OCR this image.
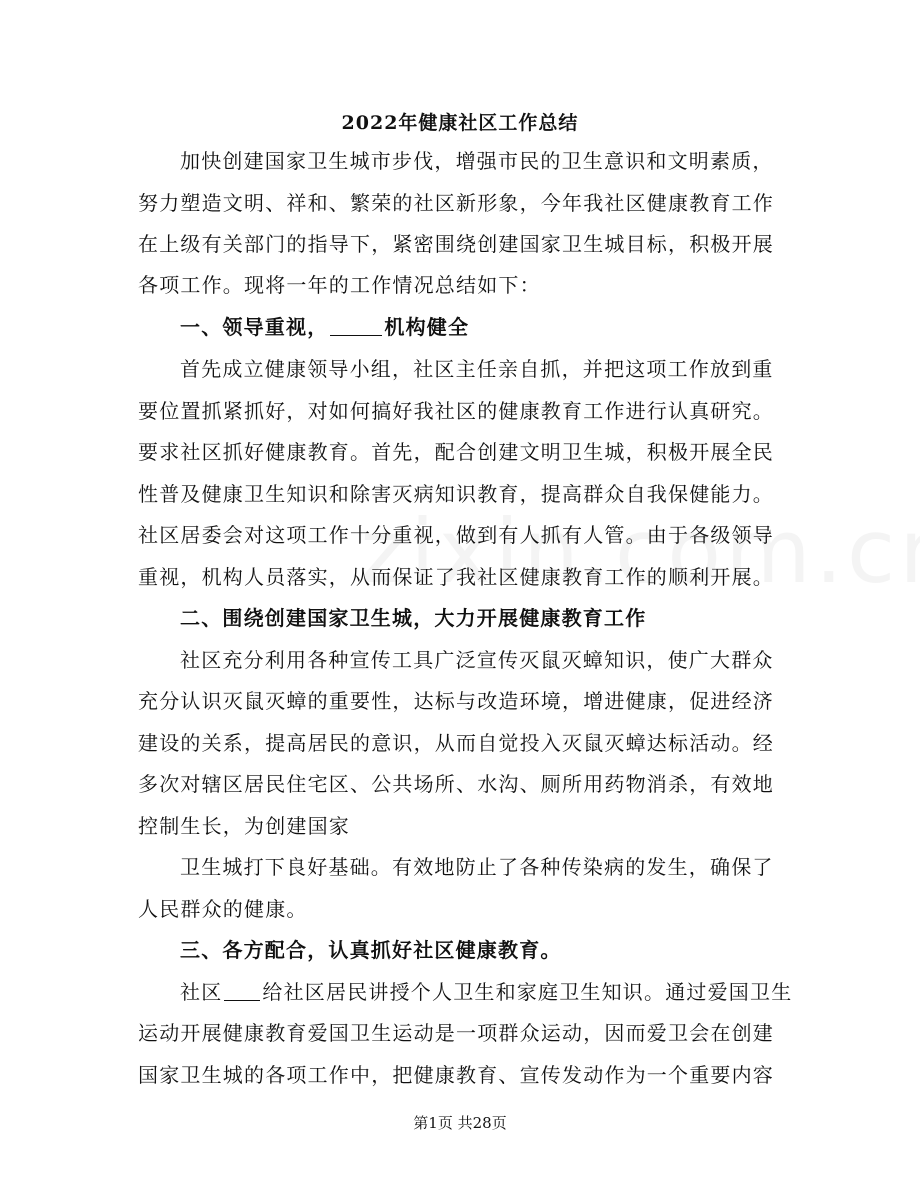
2022年健康社区工作总结
加快创建国家卫生城市步伐，增强市民的卫生意识和文明素质，
努力塑造文明、祥和、繁荣的社区新形象，今年我社区健康教育工作
在上级有关部门的指导下，紧密围绕创建国家卫生城目标，积极开展
各项工作。现将一年的工作情况总结如下：
一、领导重视，	机构健全
首先成立健康领导小组，社区主任亲自抓，并把这项工作放到重
要位置抓紧抓好，对如何搞好我社区的健康教育工作进行认真研究。
要求社区抓好健康教育。首先，配合创建文明卫生城，积极开展全民
性普及健康卫生知识和除害灭病知识教育，提高群众自我保健能力。
社区居委会对这项工作十分重视，做到有人抓有人管。由于各级领导
重视，机构人员落实，从而保证了我社区健康教育工作的顺利开展。
二、围绕创建国家卫生城，大力开展健康教育工作
社区充分利用各种宣传工具广泛宣传灭鼠灭蟑知识，使广大群众
充分认识灭鼠灭蟑的重要性，达标与改造环境，增进健康，促进经济
建设的关系，提高居民的意识，从而自觉投入灭鼠灭蟑达标活动。经
多次对辖区居民住宅区、公共场所、水沟、厕所用药物消杀，有效地
控制生长，为创建国家
卫生城打下良好基础。有效地防止了各种传染病的发生，确保了
人民群众的健康。
三、各方配合，认真抓好社区健康教育。
社区 给社区居民讲授个人卫生和家庭卫生知识。通过爱国卫生
运动开展健康教育爱国卫生运动是一项群众运动，因而爱卫会在创建
国家卫生城的各项工作中，把健康教育、宣传发动作为一个重要内容
第1页 共28页
